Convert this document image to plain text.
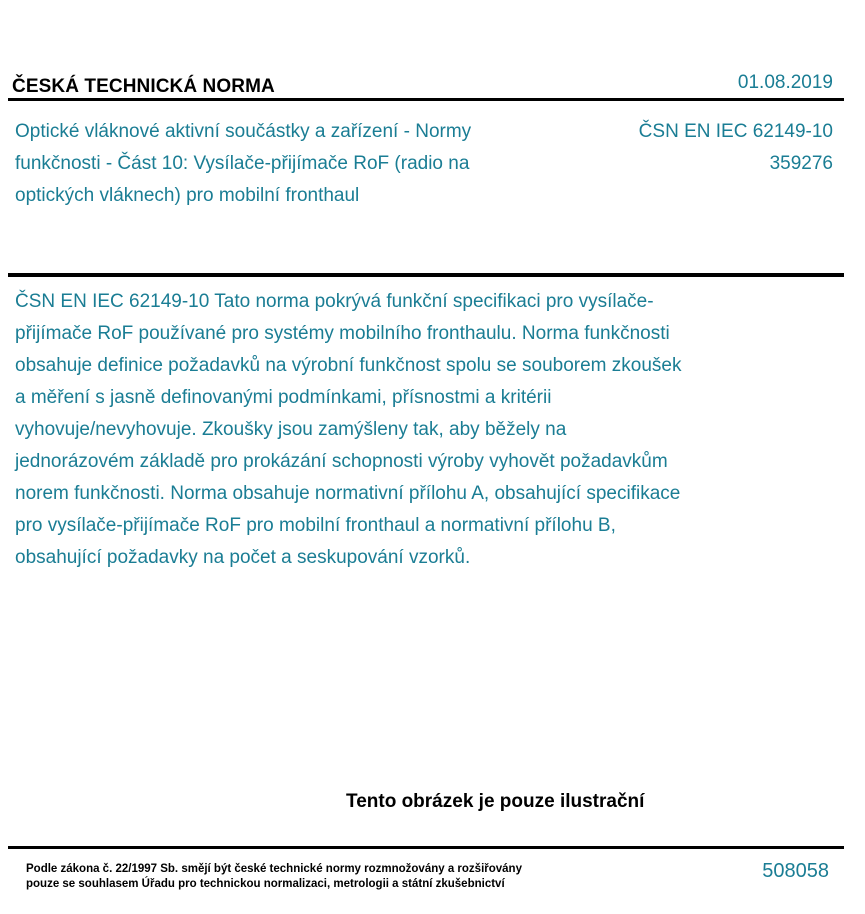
ČESKÁ TECHNICKÁ NORMA	01.08.2019
Optické vláknové aktivní součástky a zařízení - Normy funkčnosti - Část 10: Vysílače-přijímače RoF (radio na optických vláknech) pro mobilní fronthaul
ČSN EN IEC 62149-10
359276
ČSN EN IEC 62149-10 Tato norma pokrývá funkční specifikaci pro vysílače-přijímače RoF používané pro systémy mobilního fronthaulu. Norma funkčnosti obsahuje definice požadavků na výrobní funkčnost spolu se souborem zkoušek a měření s jasně definovanými podmínkami, přísnostmi a kritérii vyhovuje/nevyhovuje. Zkoušky jsou zamýšleny tak, aby běžely na jednorázovém základě pro prokázání schopnosti výroby vyhovět požadavkům norem funkčnosti. Norma obsahuje normativní přílohu A, obsahující specifikace pro vysílače-přijímače RoF pro mobilní fronthaul a normativní přílohu B, obsahující požadavky na počet a seskupování vzorků.
Tento obrázek je pouze ilustrační
Podle zákona č. 22/1997 Sb. smějí být české technické normy rozmnožovány a rozšiřovány
pouze se souhlasem Úřadu pro technickou normalizaci, metrologii a státní zkušebnictví
508058
